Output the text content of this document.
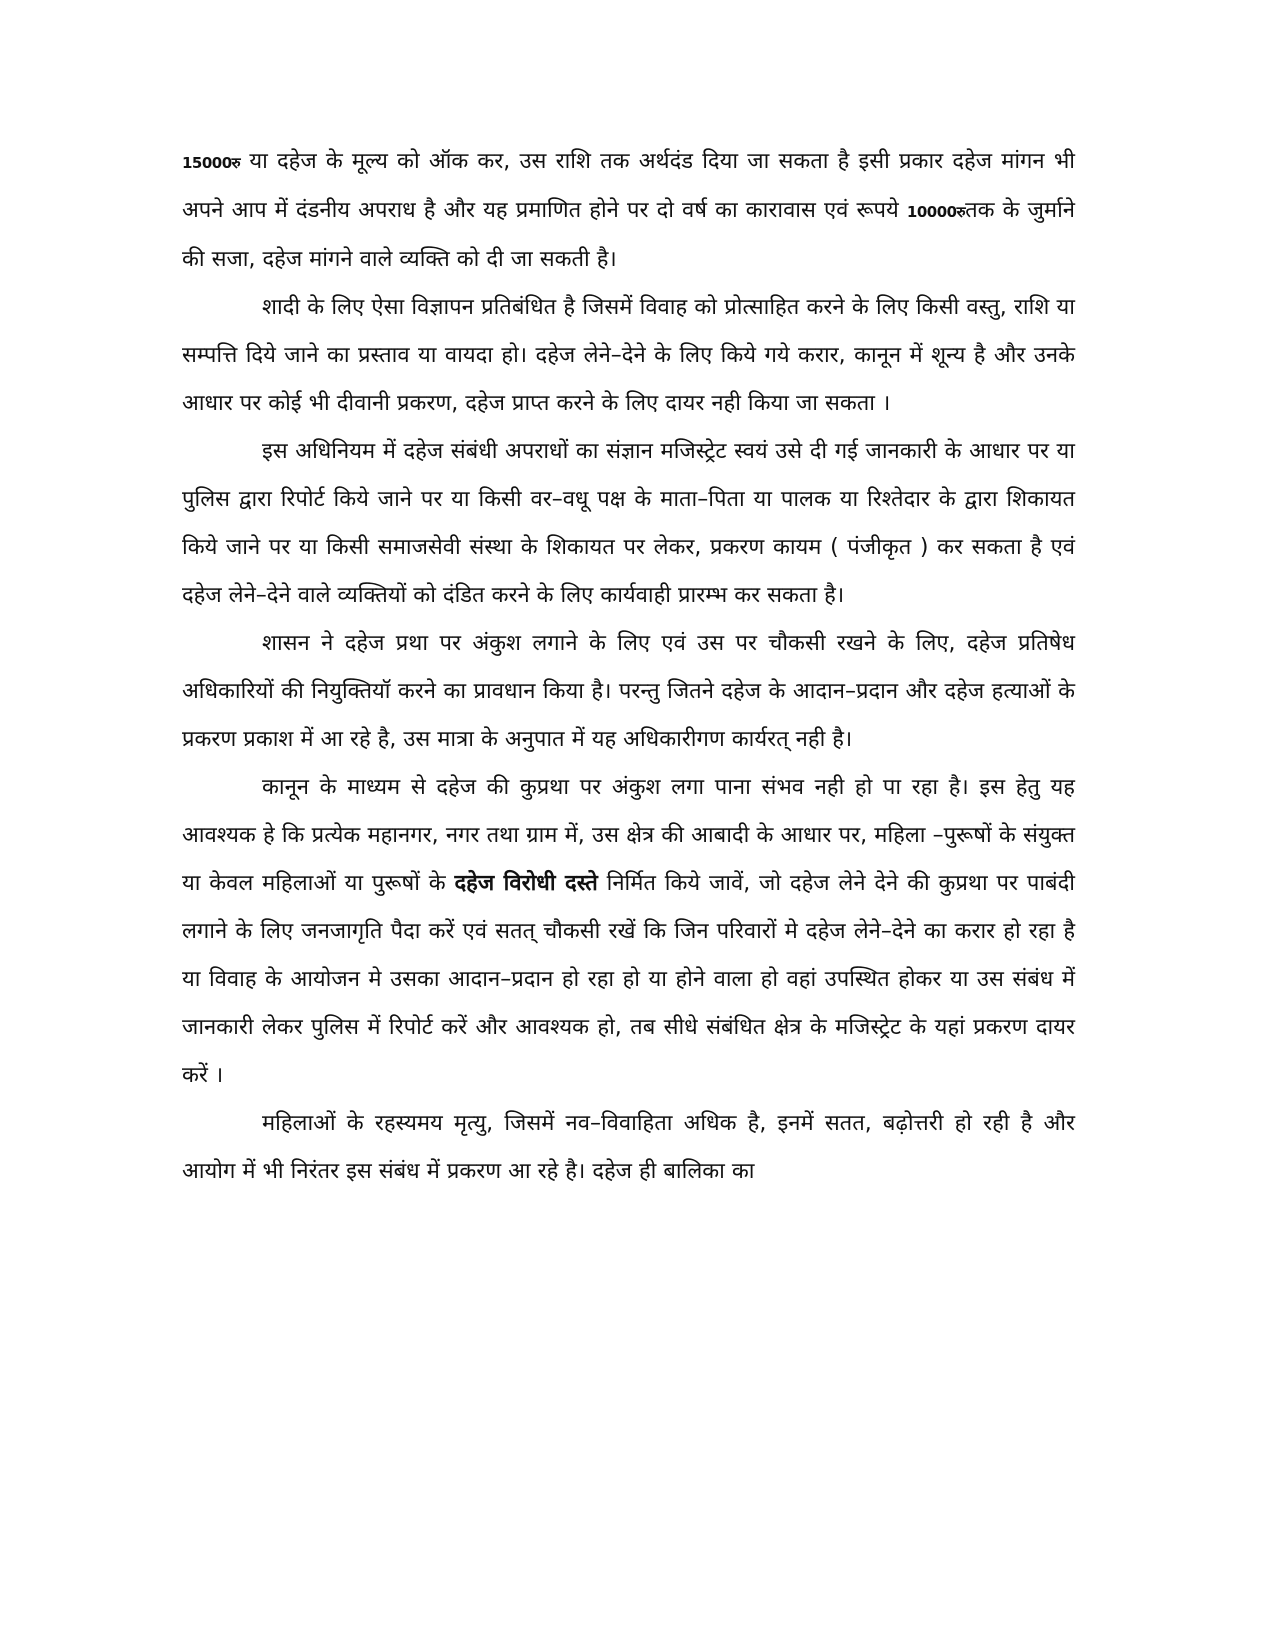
15000रु या दहेज के मूल्य को ऑक कर, उस राशि तक अर्थदंड दिया जा सकता है इसी प्रकार दहेज मांगन भी अपने आप में दंडनीय अपराध है और यह प्रमाणित होने पर दो वर्ष का कारावास एवं रूपये 10000रुतक के जुर्माने की सजा, दहेज मांगने वाले व्यक्ति को दी जा सकती है।

शादी के लिए ऐसा विज्ञापन प्रतिबंधित है जिसमें विवाह को प्रोत्साहित करने के लिए किसी वस्तु, राशि या सम्पत्ति दिये जाने का प्रस्ताव या वायदा हो। दहेज लेने–देने के लिए किये गये करार, कानून में शून्य है और उनके आधार पर कोई भी दीवानी प्रकरण, दहेज प्राप्त करने के लिए दायर नही किया जा सकता ।

इस अधिनियम में दहेज संबंधी अपराधों का संज्ञान मजिस्ट्रेट स्वयं उसे दी गई जानकारी के आधार पर या पुलिस द्वारा रिपोर्ट किये जाने पर या किसी वर–वधू पक्ष के माता–पिता या पालक या रिश्तेदार के द्वारा शिकायत किये जाने पर या किसी समाजसेवी संस्था के शिकायत पर लेकर, प्रकरण कायम ( पंजीकृत ) कर सकता है एवं दहेज लेने–देने वाले व्यक्तियों को दंडित करने के लिए कार्यवाही प्रारम्भ कर सकता है।

शासन ने दहेज प्रथा पर अंकुश लगाने के लिए एवं उस पर चौकसी रखने के लिए, दहेज प्रतिषेध अधिकारियों की नियुक्तियॉ करने का प्रावधान किया है। परन्तु जितने दहेज के आदान–प्रदान और दहेज हत्याओं के प्रकरण प्रकाश में आ रहे है, उस मात्रा के अनुपात में यह अधिकारीगण कार्यरत् नही है।

कानून के माध्यम से दहेज की कुप्रथा पर अंकुश लगा पाना संभव नही हो पा रहा है। इस हेतु यह आवश्यक हे कि प्रत्येक महानगर, नगर तथा ग्राम में, उस क्षेत्र की आबादी के आधार पर, महिला –पुरूषों के संयुक्त या केवल महिलाओं या पुरूषों के दहेज विरोधी दस्ते निर्मित किये जावें, जो दहेज लेने देने की कुप्रथा पर पाबंदी लगाने के लिए जनजागृति पैदा करें एवं सतत् चौकसी रखें कि जिन परिवारों मे दहेज लेने–देने का करार हो रहा है या विवाह के आयोजन मे उसका आदान–प्रदान हो रहा हो या होने वाला हो वहां उपस्थित होकर या उस संबंध में जानकारी लेकर पुलिस में रिपोर्ट करें और आवश्यक हो, तब सीधे संबंधित क्षेत्र के मजिस्ट्रेट के यहां प्रकरण दायर करें ।

महिलाओं के रहस्यमय मृत्यु, जिसमें नव–विवाहिता अधिक है, इनमें सतत, बढ़ोत्तरी हो रही है और आयोग में भी निरंतर इस संबंध में प्रकरण आ रहे है। दहेज ही बालिका का
